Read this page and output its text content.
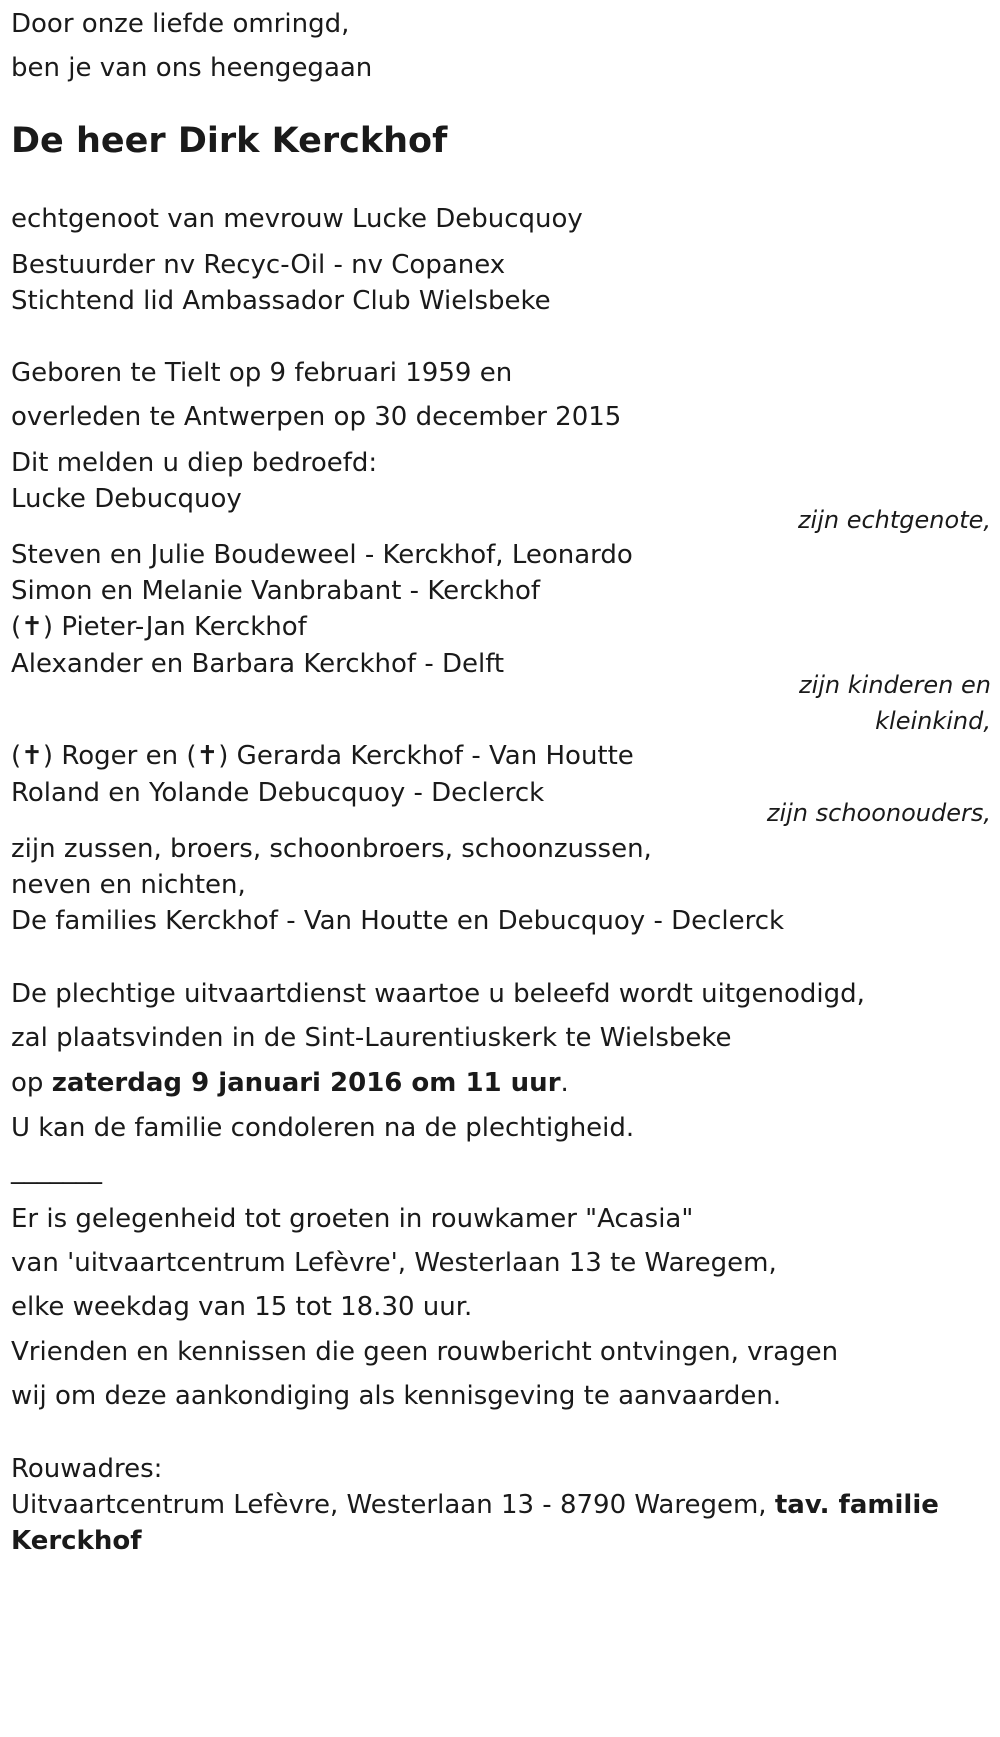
Door onze liefde omringd,
ben je van ons heengegaan
De heer Dirk Kerckhof
echtgenoot van mevrouw Lucke Debucquoy
Bestuurder nv Recyc-Oil - nv Copanex
Stichtend lid Ambassador Club Wielsbeke
Geboren te Tielt op 9 februari 1959 en
overleden te Antwerpen op 30 december 2015
Dit melden u diep bedroefd:
Lucke Debucquoy
zijn echtgenote,
Steven en Julie Boudeweel - Kerckhof, Leonardo
Simon en Melanie Vanbrabant - Kerckhof
(✝) Pieter-Jan Kerckhof
Alexander en Barbara Kerckhof - Delft
zijn kinderen en
kleinkind,
(✝) Roger en (✝) Gerarda Kerckhof - Van Houtte
Roland en Yolande Debucquoy - Declerck
zijn schoonouders,
zijn zussen, broers, schoonbroers, schoonzussen,
neven en nichten,
De families Kerckhof - Van Houtte en Debucquoy - Declerck
De plechtige uitvaartdienst waartoe u beleefd wordt uitgenodigd,
zal plaatsvinden in de Sint-Laurentiuskerk te Wielsbeke
op zaterdag 9 januari 2016 om 11 uur.
U kan de familie condoleren na de plechtigheid.
_______
Er is gelegenheid tot groeten in rouwkamer "Acasia"
van 'uitvaartcentrum Lefèvre', Westerlaan 13 te Waregem,
elke weekdag van 15 tot 18.30 uur.
Vrienden en kennissen die geen rouwbericht ontvingen, vragen
wij om deze aankondiging als kennisgeving te aanvaarden.
Rouwadres:
Uitvaartcentrum Lefèvre, Westerlaan 13 - 8790 Waregem, tav. familie
Kerckhof
